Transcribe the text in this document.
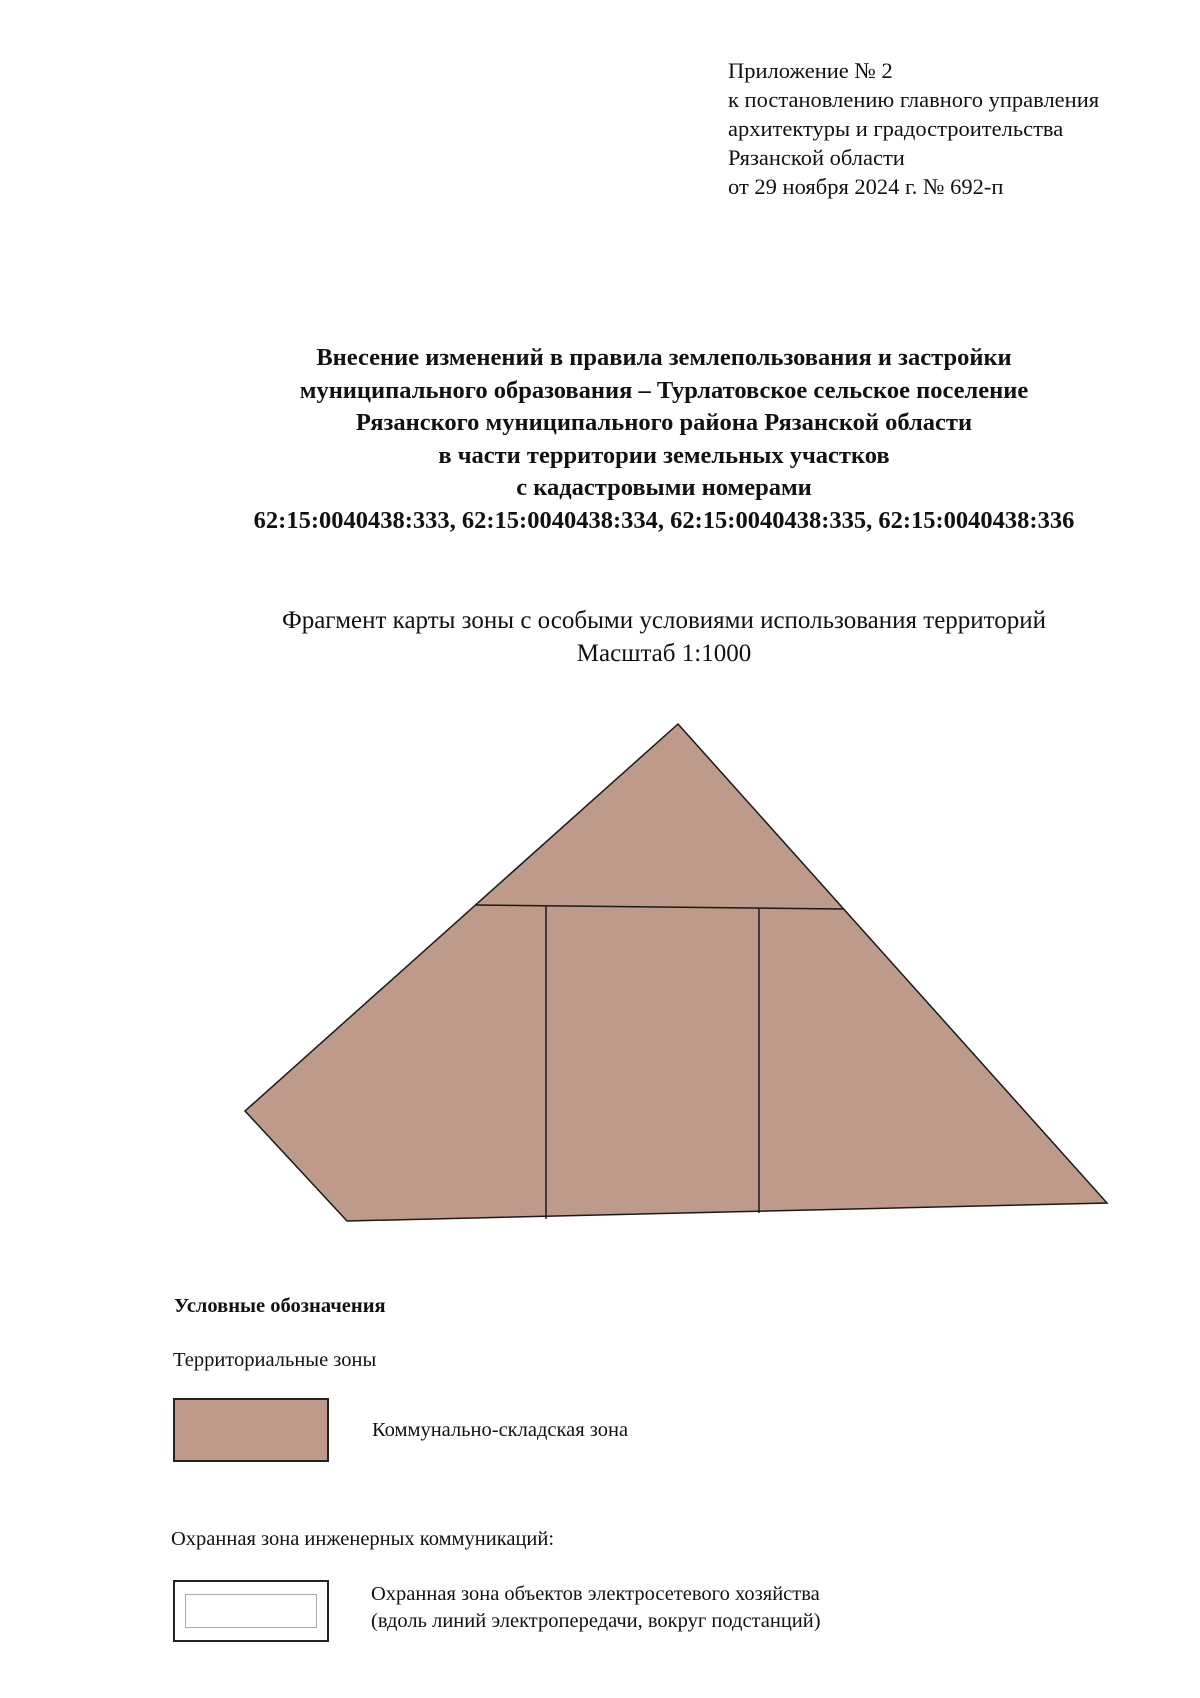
Приложение № 2
к постановлению главного управления
архитектуры и градостроительства
Рязанской области
от 29 ноября 2024 г. № 692-п
Внесение изменений в правила землепользования и застройки
муниципального образования – Турлатовское сельское поселение
Рязанского муниципального района Рязанской области
в части территории земельных участков
с кадастровыми номерами
62:15:0040438:333, 62:15:0040438:334, 62:15:0040438:335, 62:15:0040438:336
Фрагмент карты зоны с особыми условиями использования территорий
Масштаб 1:1000
Условные обозначения
Территориальные зоны
Коммунально-складская зона
Охранная зона инженерных коммуникаций:
Охранная зона объектов электросетевого хозяйства
(вдоль линий электропередачи, вокруг подстанций)
